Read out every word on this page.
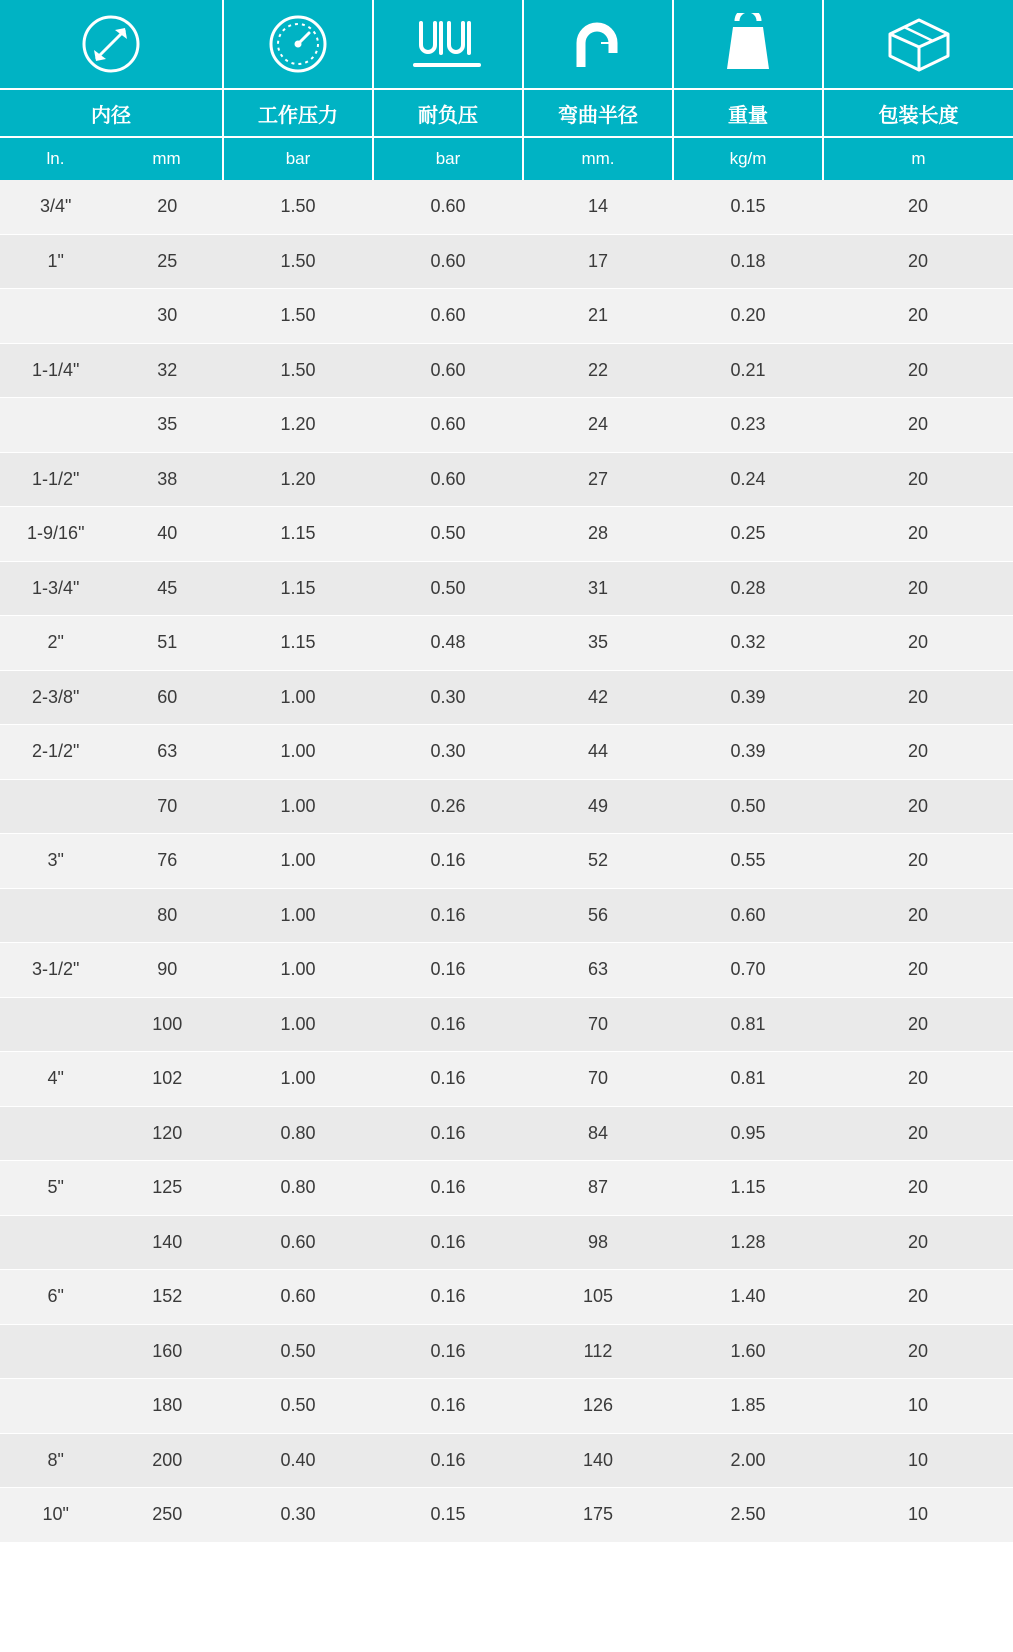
内径	工作压力	耐负压	弯曲半径	重量	包装长度

ln. mm	bar	bar	mm.	kg/m	m

3/4" 20	1.50	0.60	14	0.15	20

1" 25	1.50	0.60	17	0.18	20

30	1.50	0.60	21	0.20	20

1-1/4" 32	1.50	0.60	22	0.21	20

35	1.20	0.60	24	0.23	20

1-1/2" 38	1.20	0.60	27	0.24	20

1-9/16" 40	1.15	0.50	28	0.25	20

1-3/4" 45	1.15	0.50	31	0.28	20

2" 51	1.15	0.48	35	0.32	20

2-3/8" 60	1.00	0.30	42	0.39	20

2-1/2" 63	1.00	0.30	44	0.39	20

70	1.00	0.26	49	0.50	20

3" 76	1.00	0.16	52	0.55	20

80	1.00	0.16	56	0.60	20

3-1/2" 90	1.00	0.16	63	0.70	20

100	1.00	0.16	70	0.81	20

4" 102	1.00	0.16	70	0.81	20

120	0.80	0.16	84	0.95	20

5" 125	0.80	0.16	87	1.15	20

140	0.60	0.16	98	1.28	20

6" 152	0.60	0.16	105	1.40	20

160	0.50	0.16	112	1.60	20

180	0.50	0.16	126	1.85	10

8" 200	0.40	0.16	140	2.00	10

10" 250	0.30	0.15	175	2.50	10
